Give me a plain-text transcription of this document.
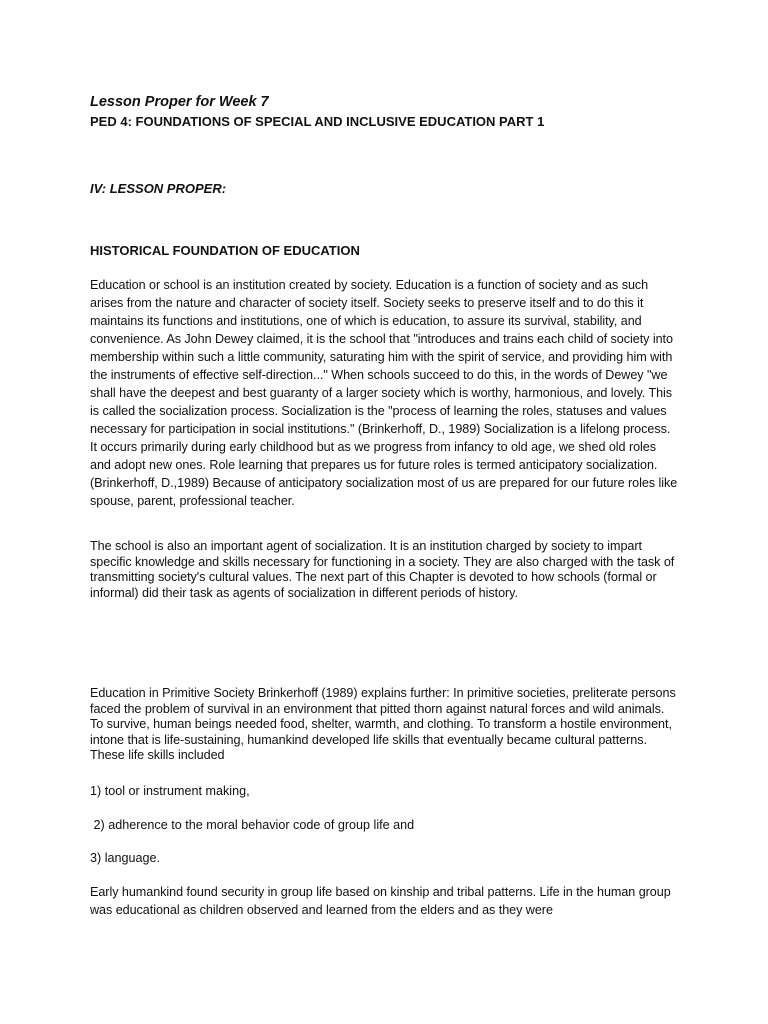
Lesson Proper for Week 7
PED 4: FOUNDATIONS OF SPECIAL AND INCLUSIVE EDUCATION PART 1
IV: LESSON PROPER:
HISTORICAL FOUNDATION OF EDUCATION

Education or school is an institution created by society. Education is a function of society and as such arises from the nature and character of society itself. Society seeks to preserve itself and to do this it maintains its functions and institutions, one of which is education, to assure its survival, stability, and convenience. As John Dewey claimed, it is the school that "introduces and trains each child of society into membership within such a little community, saturating him with the spirit of service, and providing him with the instruments of effective self-direction..." When schools succeed to do this, in the words of Dewey "we shall have the deepest and best guaranty of a larger society which is worthy, harmonious, and lovely. This is called the socialization process. Socialization is the "process of learning the roles, statuses and values necessary for participation in social institutions." (Brinkerhoff, D., 1989) Socialization is a lifelong process. It occurs primarily during early childhood but as we progress from infancy to old age, we shed old roles and adopt new ones. Role learning that prepares us for future roles is termed anticipatory socialization. (Brinkerhoff, D.,1989) Because of anticipatory socialization most of us are prepared for our future roles like spouse, parent, professional teacher.

The school is also an important agent of socialization. It is an institution charged by society to impart specific knowledge and skills necessary for functioning in a society. They are also charged with the task of transmitting society's cultural values. The next part of this Chapter is devoted to how schools (formal or informal) did their task as agents of socialization in different periods of history.

Education in Primitive Society Brinkerhoff (1989) explains further: In primitive societies, preliterate persons faced the problem of survival in an environment that pitted thorn against natural forces and wild animals. To survive, human beings needed food, shelter, warmth, and clothing. To transform a hostile environment, intone that is life-sustaining, humankind developed life skills that eventually became cultural patterns. These life skills included

1) tool or instrument making,
2) adherence to the moral behavior code of group life and
3) language.

Early humankind found security in group life based on kinship and tribal patterns. Life in the human group was educational as children observed and learned from the elders and as they were
